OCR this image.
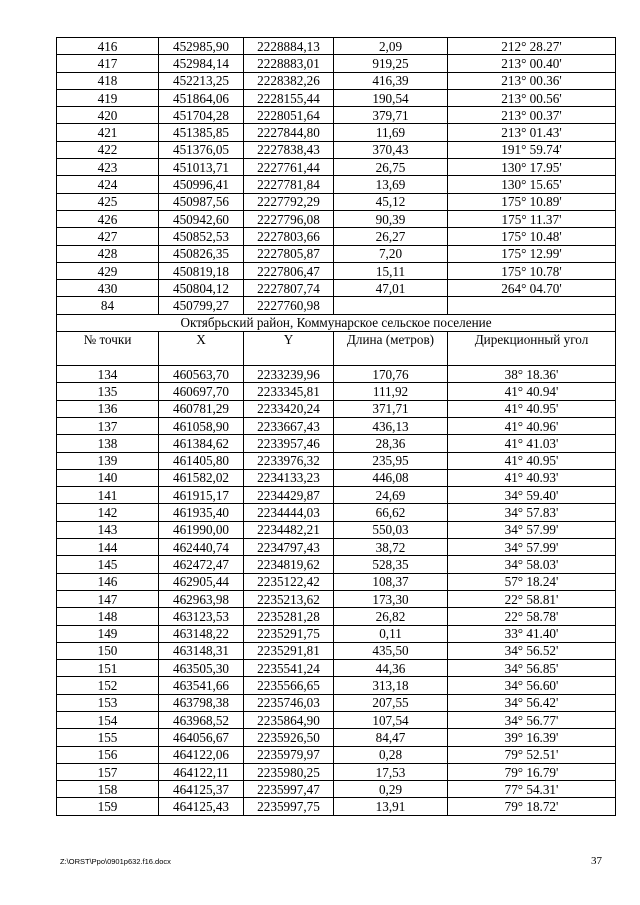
416	452985,90	2228884,13	2,09	212° 28.27'
417	452984,14	2228883,01	919,25	213° 00.40'
418	452213,25	2228382,26	416,39	213° 00.36'
419	451864,06	2228155,44	190,54	213° 00.56'
420	451704,28	2228051,64	379,71	213° 00.37'
421	451385,85	2227844,80	11,69	213° 01.43'
422	451376,05	2227838,43	370,43	191° 59.74'
423	451013,71	2227761,44	26,75	130° 17.95'
424	450996,41	2227781,84	13,69	130° 15.65'
425	450987,56	2227792,29	45,12	175° 10.89'
426	450942,60	2227796,08	90,39	175° 11.37'
427	450852,53	2227803,66	26,27	175° 10.48'
428	450826,35	2227805,87	7,20	175° 12.99'
429	450819,18	2227806,47	15,11	175° 10.78'
430	450804,12	2227807,74	47,01	264° 04.70'
84	450799,27	2227760,98		
Октябрьский район, Коммунарское сельское поселение				
№ точки	X	Y	Длина (метров)	Дирекционный угол
134	460563,70	2233239,96	170,76	38° 18.36'
135	460697,70	2233345,81	111,92	41° 40.94'
136	460781,29	2233420,24	371,71	41° 40.95'
137	461058,90	2233667,43	436,13	41° 40.96'
138	461384,62	2233957,46	28,36	41° 41.03'
139	461405,80	2233976,32	235,95	41° 40.95'
140	461582,02	2234133,23	446,08	41° 40.93'
141	461915,17	2234429,87	24,69	34° 59.40'
142	461935,40	2234444,03	66,62	34° 57.83'
143	461990,00	2234482,21	550,03	34° 57.99'
144	462440,74	2234797,43	38,72	34° 57.99'
145	462472,47	2234819,62	528,35	34° 58.03'
146	462905,44	2235122,42	108,37	57° 18.24'
147	462963,98	2235213,62	173,30	22° 58.81'
148	463123,53	2235281,28	26,82	22° 58.78'
149	463148,22	2235291,75	0,11	33° 41.40'
150	463148,31	2235291,81	435,50	34° 56.52'
151	463505,30	2235541,24	44,36	34° 56.85'
152	463541,66	2235566,65	313,18	34° 56.60'
153	463798,38	2235746,03	207,55	34° 56.42'
154	463968,52	2235864,90	107,54	34° 56.77'
155	464056,67	2235926,50	84,47	39° 16.39'
156	464122,06	2235979,97	0,28	79° 52.51'
157	464122,11	2235980,25	17,53	79° 16.79'
158	464125,37	2235997,47	0,29	77° 54.31'
159	464125,43	2235997,75	13,91	79° 18.72'
Z:\ORST\Ppo\0901p632.f16.docx	37
